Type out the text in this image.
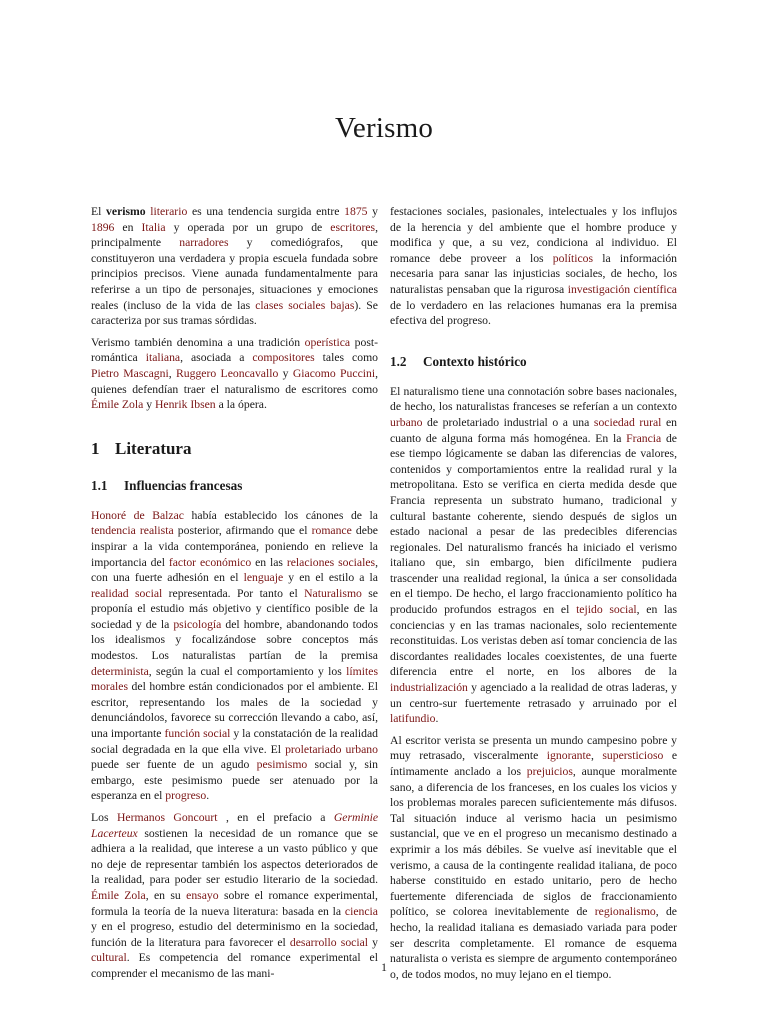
Verismo

El verismo literario es una tendencia surgida entre 1875 y 1896 en Italia y operada por un grupo de escritores, principalmente narradores y comediógrafos, que constituyeron una verdadera y propia escuela fundada sobre principios precisos. Viene aunada fundamentalmente para referirse a un tipo de personajes, situaciones y emociones reales (incluso de la vida de las clases sociales bajas). Se caracteriza por sus tramas sórdidas.

Verismo también denomina a una tradición operística post-romántica italiana, asociada a compositores tales como Pietro Mascagni, Ruggero Leoncavallo y Giacomo Puccini, quienes defendían traer el naturalismo de escritores como Émile Zola y Henrik Ibsen a la ópera.

1 Literatura
1.1 Influencias francesas

Honoré de Balzac había establecido los cánones de la tendencia realista posterior, afirmando que el romance debe inspirar a la vida contemporánea, poniendo en relieve la importancia del factor económico en las relaciones sociales, con una fuerte adhesión en el lenguaje y en el estilo a la realidad social representada. Por tanto el Naturalismo se proponía el estudio más objetivo y científico posible de la sociedad y de la psicología del hombre, abandonando todos los idealismos y focalizándose sobre conceptos más modestos. Los naturalistas partían de la premisa determinista, según la cual el comportamiento y los límites morales del hombre están condicionados por el ambiente. El escritor, representando los males de la sociedad y denunciándolos, favorece su corrección llevando a cabo, así, una importante función social y la constatación de la realidad social degradada en la que ella vive. El proletariado urbano puede ser fuente de un agudo pesimismo social y, sin embargo, este pesimismo puede ser atenuado por la esperanza en el progreso.

Los Hermanos Goncourt , en el prefacio a Germinie Lacerteux sostienen la necesidad de un romance que se adhiera a la realidad, que interese a un vasto público y que no deje de representar también los aspectos deteriorados de la realidad, para poder ser estudio literario de la sociedad. Émile Zola, en su ensayo sobre el romance experimental, formula la teoría de la nueva literatura: basada en la ciencia y en el progreso, estudio del determinismo en la sociedad, función de la literatura para favorecer el desarrollo social y cultural. Es competencia del romance experimental el comprender el mecanismo de las mani-

festaciones sociales, pasionales, intelectuales y los influjos de la herencia y del ambiente que el hombre produce y modifica y que, a su vez, condiciona al individuo. El romance debe proveer a los políticos la información necesaria para sanar las injusticias sociales, de hecho, los naturalistas pensaban que la rigurosa investigación científica de lo verdadero en las relaciones humanas era la premisa efectiva del progreso.

1.2 Contexto histórico

El naturalismo tiene una connotación sobre bases nacionales, de hecho, los naturalistas franceses se referían a un contexto urbano de proletariado industrial o a una sociedad rural en cuanto de alguna forma más homogénea. En la Francia de ese tiempo lógicamente se daban las diferencias de valores, contenidos y comportamientos entre la realidad rural y la metropolitana. Esto se verifica en cierta medida desde que Francia representa un substrato humano, tradicional y cultural bastante coherente, siendo después de siglos un estado nacional a pesar de las predecibles diferencias regionales. Del naturalismo francés ha iniciado el verismo italiano que, sin embargo, bien difícilmente pudiera trascender una realidad regional, la única a ser consolidada en el tiempo. De hecho, el largo fraccionamiento político ha producido profundos estragos en el tejido social, en las conciencias y en las tramas nacionales, solo recientemente reconstituidas. Los veristas deben así tomar conciencia de las discordantes realidades locales coexistentes, de una fuerte diferencia entre el norte, en los albores de la industrialización y agenciado a la realidad de otras laderas, y un centro-sur fuertemente retrasado y arruinado por el latifundio.

Al escritor verista se presenta un mundo campesino pobre y muy retrasado, visceralmente ignorante, supersticioso e íntimamente anclado a los prejuicios, aunque moralmente sano, a diferencia de los franceses, en los cuales los vicios y los problemas morales parecen suficientemente más difusos. Tal situación induce al verismo hacia un pesimismo sustancial, que ve en el progreso un mecanismo destinado a exprimir a los más débiles. Se vuelve así inevitable que el verismo, a causa de la contingente realidad italiana, de poco haberse constituido en estado unitario, pero de hecho fuertemente diferenciada de siglos de fraccionamiento político, se colorea inevitablemente de regionalismo, de hecho, la realidad italiana es demasiado variada para poder ser descrita completamente. El romance de esquema naturalista o verista es siempre de argumento contemporáneo o, de todos modos, no muy lejano en el tiempo.

1
